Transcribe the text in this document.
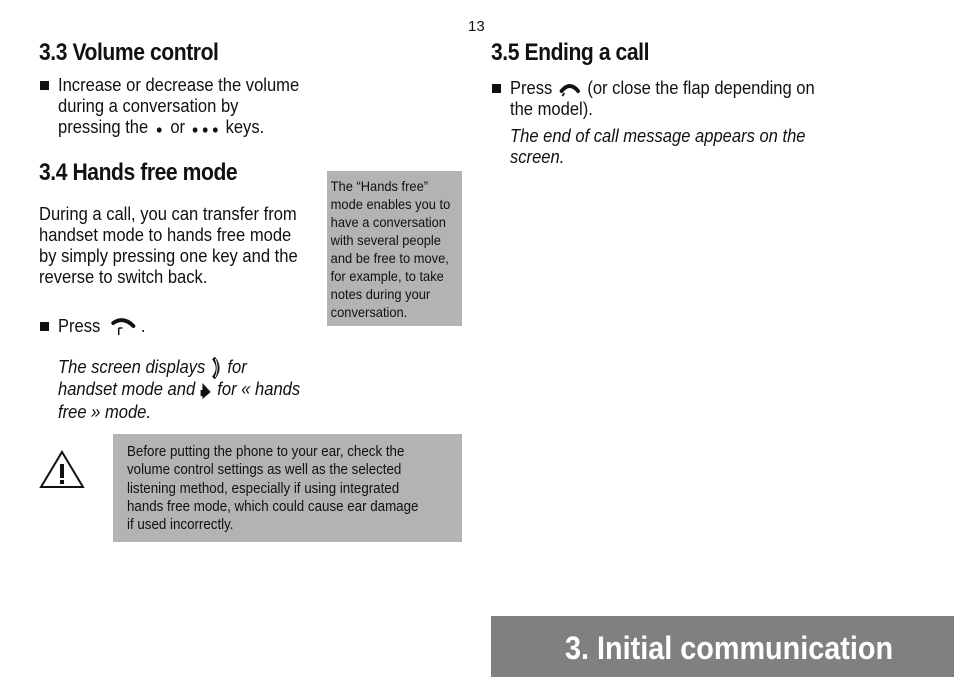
13
3.3 Volume control
Increase or decrease the volume
during a conversation by
pressing the or keys.
3.4 Hands free mode
During a call, you can transfer from
handset mode to hands free mode
by simply pressing one key and the
reverse to switch back.
The “Hands free”
mode enables you to
have a conversation
with several people
and be free to move,
for example, to take
notes during your
conversation.
Press .
The screen displays for
handset mode and for « hands
free » mode.
Before putting the phone to your ear, check the
volume control settings as well as the selected
listening method, especially if using integrated
hands free mode, which could cause ear damage
if used incorrectly.
3.5 Ending a call
Press (or close the flap depending on
the model).
The end of call message appears on the
screen.
3. Initial communication
